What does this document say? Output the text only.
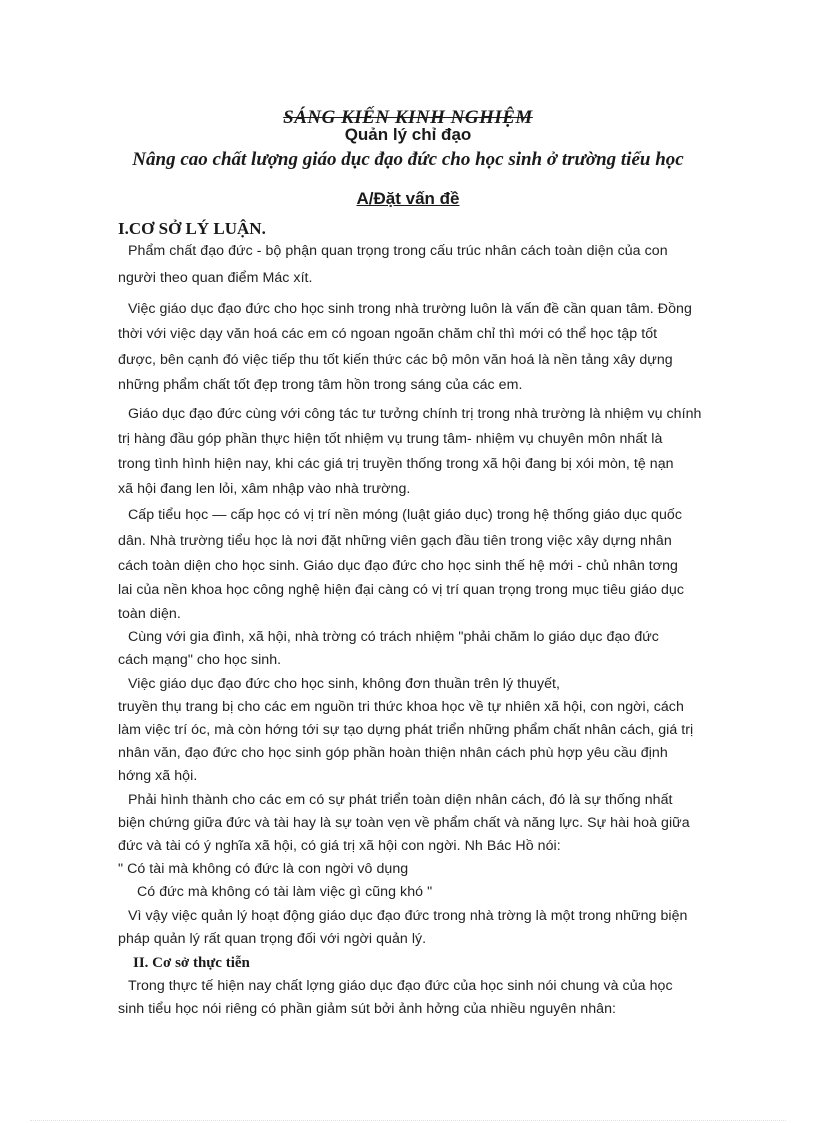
SÁNG KIẾN KINH NGHIỆM
Quản lý chỉ đạo
Nâng cao chất lượng giáo dục đạo đức cho học sinh ở trường tiểu học
A/Đặt vấn đề
I.CƠ SỞ LÝ LUẬN.
Phẩm chất đạo đức - bộ phận quan trọng trong cấu trúc nhân cách toàn diện của con
người theo quan điểm Mác xít.
Việc giáo dục đạo đức cho học sinh trong nhà trường luôn là vấn đề cần quan tâm. Đồng
thời với việc dạy văn hoá các em có ngoan ngoãn chăm chỉ thì mới có thể học tập tốt
được, bên cạnh đó việc tiếp thu tốt kiến thức các bộ môn văn hoá là nền tảng xây dựng
những phẩm chất tốt đẹp trong tâm hồn trong sáng của các em.
Giáo dục đạo đức cùng với công tác tư tưởng chính trị trong nhà trường là nhiệm vụ chính
trị hàng đầu góp phần thực hiện tốt nhiệm vụ trung tâm- nhiệm vụ chuyên môn nhất là
trong tình hình hiện nay, khi các giá trị truyền thống trong xã hội đang bị xói mòn, tệ nạn
xã hội đang len lỏi, xâm nhập vào nhà trường.
Cấp tiểu học — cấp học có vị trí nền móng (luật giáo dục) trong hệ thống giáo dục quốc
dân. Nhà trường tiểu học là nơi đặt những viên gạch đầu tiên trong việc xây dựng nhân
cách toàn diện cho học sinh. Giáo dục đạo đức cho học sinh thế hệ mới - chủ nhân tơng
lai của nền khoa học công nghệ hiện đại càng có vị trí quan trọng trong mục tiêu giáo dục
toàn diện.
Cùng với gia đình, xã hội, nhà trờng có trách nhiệm "phải chăm lo giáo dục đạo đức
cách mạng" cho học sinh.
Việc giáo dục đạo đức cho học sinh, không đơn thuần trên lý thuyết,
truyền thụ trang bị cho các em nguồn tri thức khoa học về tự nhiên xã hội, con ngời, cách
làm việc trí óc, mà còn hớng tới sự tạo dựng phát triển những phẩm chất nhân cách, giá trị
nhân văn, đạo đức cho học sinh góp phần hoàn thiện nhân cách phù hợp yêu cầu định
hớng xã hội.
Phải hình thành cho các em có sự phát triển toàn diện nhân cách, đó là sự thống nhất
biện chứng giữa đức và tài hay là sự toàn vẹn về phẩm chất và năng lực. Sự hài hoà giữa
đức và tài có ý nghĩa xã hội, có giá trị xã hội con ngời. Nh Bác Hồ nói:
" Có tài mà không có đức là con ngời vô dụng
Có đức mà không có tài làm việc gì cũng khó "
Vì vậy việc quản lý hoạt động giáo dục đạo đức trong nhà trờng là một trong những biện
pháp quản lý rất quan trọng đối với ngời quản lý.
II. Cơ sở thực tiễn
Trong thực tế hiện nay chất lợng giáo dục đạo đức của học sinh nói chung và của học
sinh tiểu học nói riêng có phần giảm sút bởi ảnh hởng của nhiều nguyên nhân:
